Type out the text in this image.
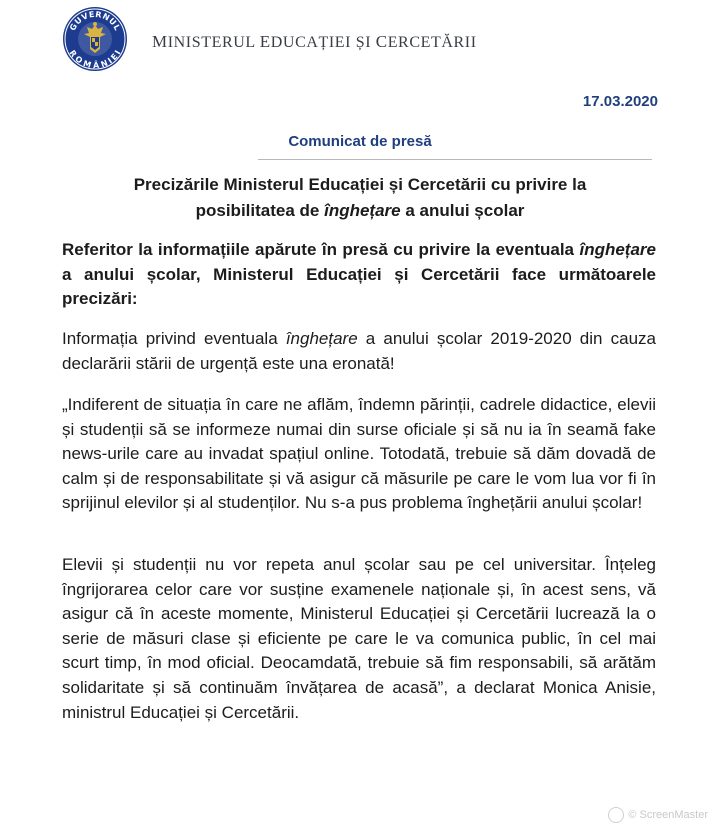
GUVERNUL
ROMÂNIEI
MINISTERUL EDUCAȚIEI ȘI CERCETĂRII
17.03.2020
Comunicat de presă
Precizările Ministerul Educației și Cercetării cu privire la
posibilitatea de înghețare a anului școlar

Referitor la informațiile apărute în presă cu privire la eventuala înghețare a anului școlar, Ministerul Educației și Cercetării face următoarele precizări:

Informația privind eventuala înghețare a anului școlar 2019-2020 din cauza declarării stării de urgență este una eronată!

„Indiferent de situația în care ne aflăm, îndemn părinții, cadrele didactice, elevii și studenții să se informeze numai din surse oficiale și să nu ia în seamă fake news-urile care au invadat spațiul online. Totodată, trebuie să dăm dovadă de calm și de responsabilitate și vă asigur că măsurile pe care le vom lua vor fi în sprijinul elevilor și al studenților. Nu s-a pus problema înghețării anului școlar!

Elevii și studenții nu vor repeta anul școlar sau pe cel universitar. Înțeleg îngrijorarea celor care vor susține examenele naționale și, în acest sens, vă asigur că în aceste momente, Ministerul Educației și Cercetării lucrează la o serie de măsuri clase și eficiente pe care le va comunica public, în cel mai scurt timp, în mod oficial. Deocamdată, trebuie să fim responsabili, să arătăm solidaritate și să continuăm învățarea de acasă”, a declarat Monica Anisie, ministrul Educației și Cercetării.

© ScreenMaster
